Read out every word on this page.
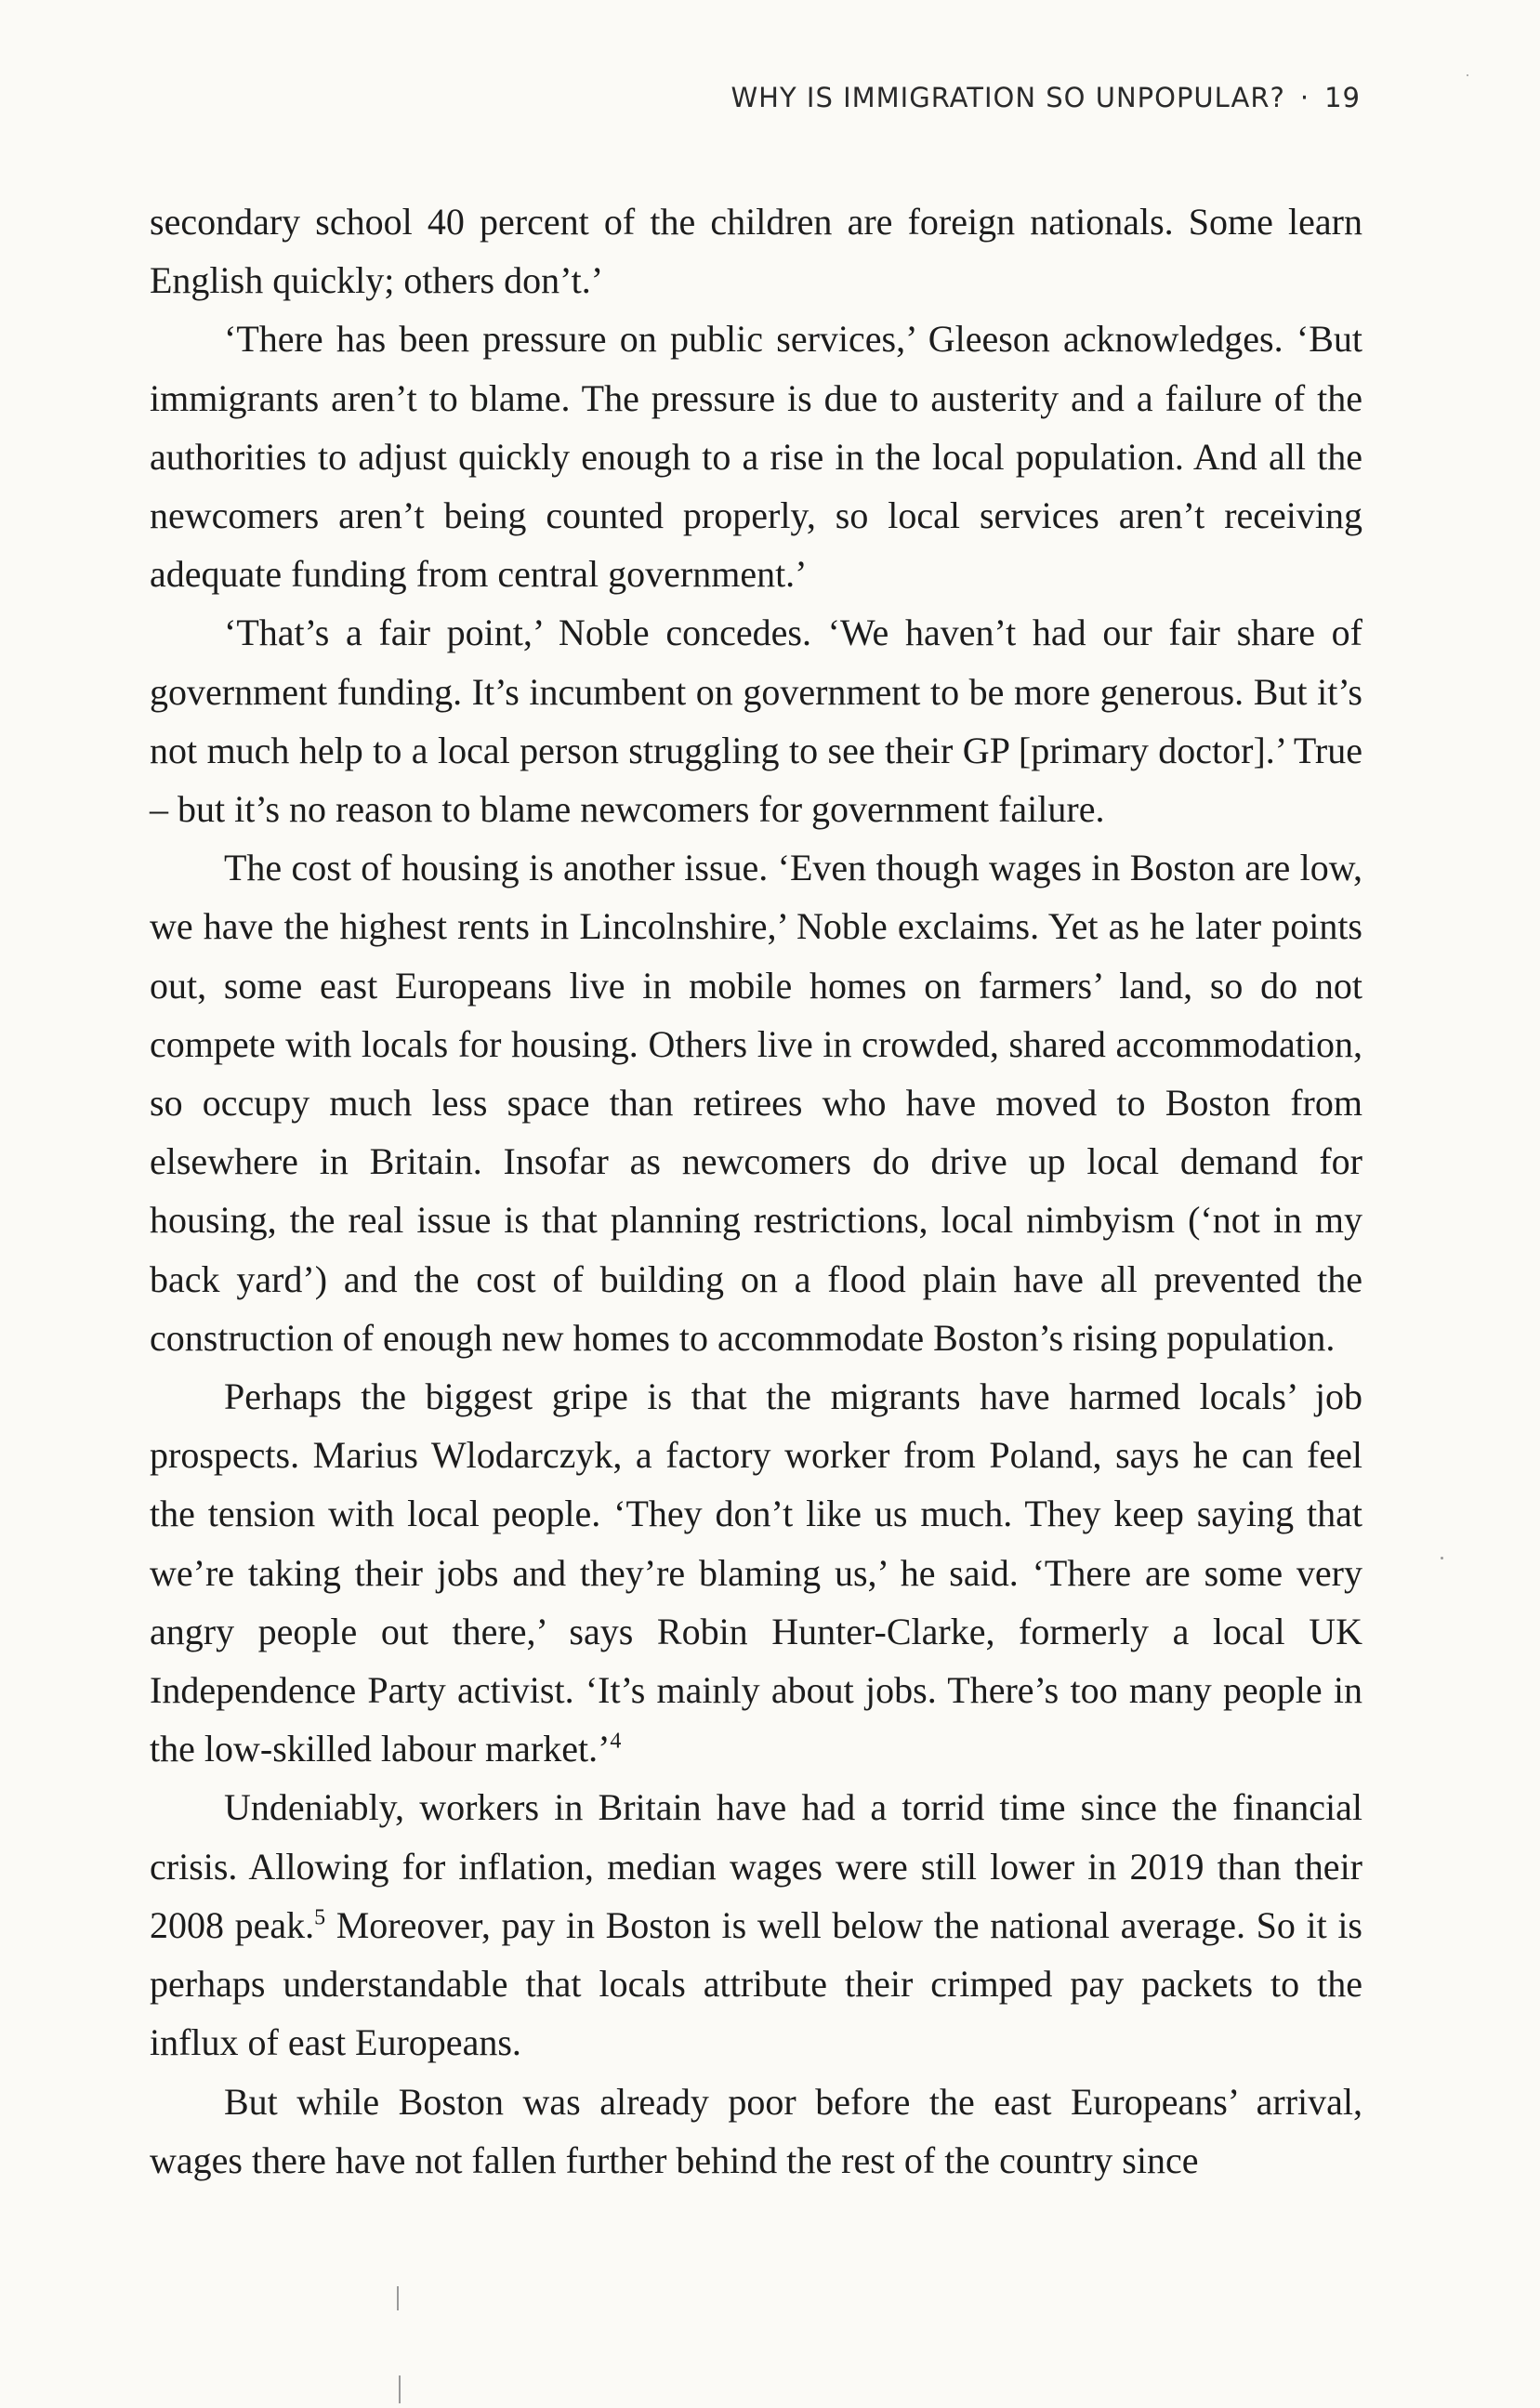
WHY IS IMMIGRATION SO UNPOPULAR? · 19

secondary school 40 percent of the children are foreign nationals. Some learn English quickly; others don’t.’

‘There has been pressure on public services,’ Gleeson acknowledges. ‘But immigrants aren’t to blame. The pressure is due to austerity and a failure of the authorities to adjust quickly enough to a rise in the local population. And all the newcomers aren’t being counted properly, so local services aren’t receiving adequate funding from central government.’

‘That’s a fair point,’ Noble concedes. ‘We haven’t had our fair share of government funding. It’s incumbent on government to be more generous. But it’s not much help to a local person struggling to see their GP [primary doctor].’ True – but it’s no reason to blame newcomers for government failure.

The cost of housing is another issue. ‘Even though wages in Boston are low, we have the highest rents in Lincolnshire,’ Noble exclaims. Yet as he later points out, some east Europeans live in mobile homes on farmers’ land, so do not compete with locals for housing. Others live in crowded, shared accommodation, so occupy much less space than retirees who have moved to Boston from elsewhere in Britain. Insofar as newcomers do drive up local demand for housing, the real issue is that planning restrictions, local nimbyism (‘not in my back yard’) and the cost of building on a flood plain have all prevented the construction of enough new homes to accommodate Boston’s rising population.

Perhaps the biggest gripe is that the migrants have harmed locals’ job prospects. Marius Wlodarczyk, a factory worker from Poland, says he can feel the tension with local people. ‘They don’t like us much. They keep saying that we’re taking their jobs and they’re blaming us,’ he said. ‘There are some very angry people out there,’ says Robin Hunter-Clarke, formerly a local UK Independence Party activist. ‘It’s mainly about jobs. There’s too many people in the low-skilled labour market.’$^4$

Undeniably, workers in Britain have had a torrid time since the financial crisis. Allowing for inflation, median wages were still lower in 2019 than their 2008 peak.$^5$ Moreover, pay in Boston is well below the national average. So it is perhaps understandable that locals attribute their crimped pay packets to the influx of east Europeans.

But while Boston was already poor before the east Europeans’ arrival, wages there have not fallen further behind the rest of the country since
